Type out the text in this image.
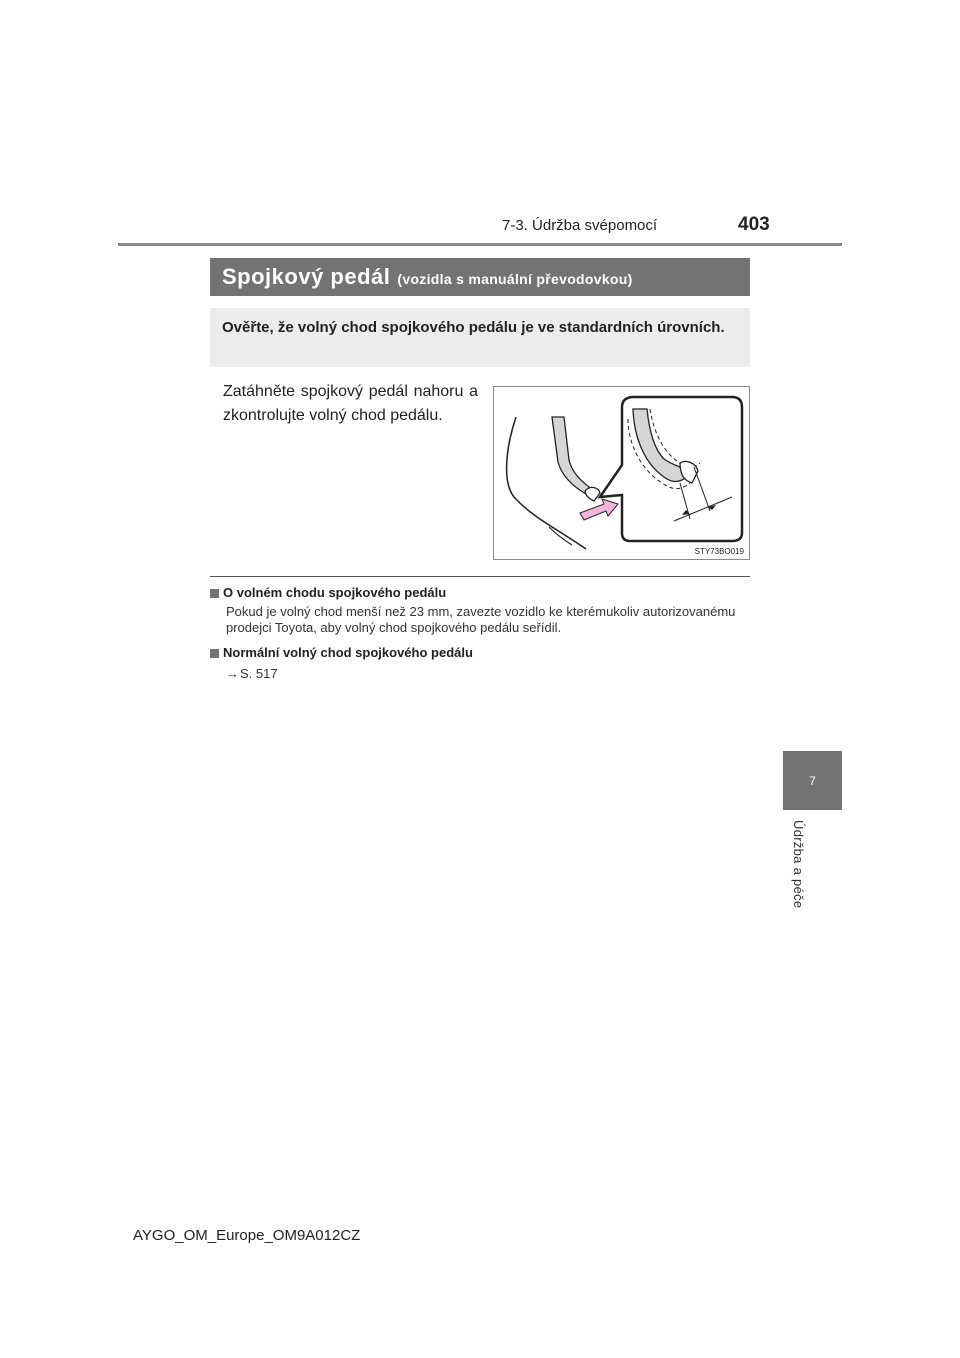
7-3. Údržba svépomocí	403
Spojkový pedál (vozidla s manuální převodovkou)
Ověřte, že volný chod spojkového pedálu je ve standardních úrovních.
Zatáhněte spojkový pedál nahoru a zkontrolujte volný chod pedálu.
STY73BO019
O volném chodu spojkového pedálu
Pokud je volný chod menší než 23 mm, zavezte vozidlo ke kterémukoliv autorizovanému prodejci Toyota, aby volný chod spojkového pedálu seřídil.
Normální volný chod spojkového pedálu
→S. 517
7
Údržba a péče
AYGO_OM_Europe_OM9A012CZ
